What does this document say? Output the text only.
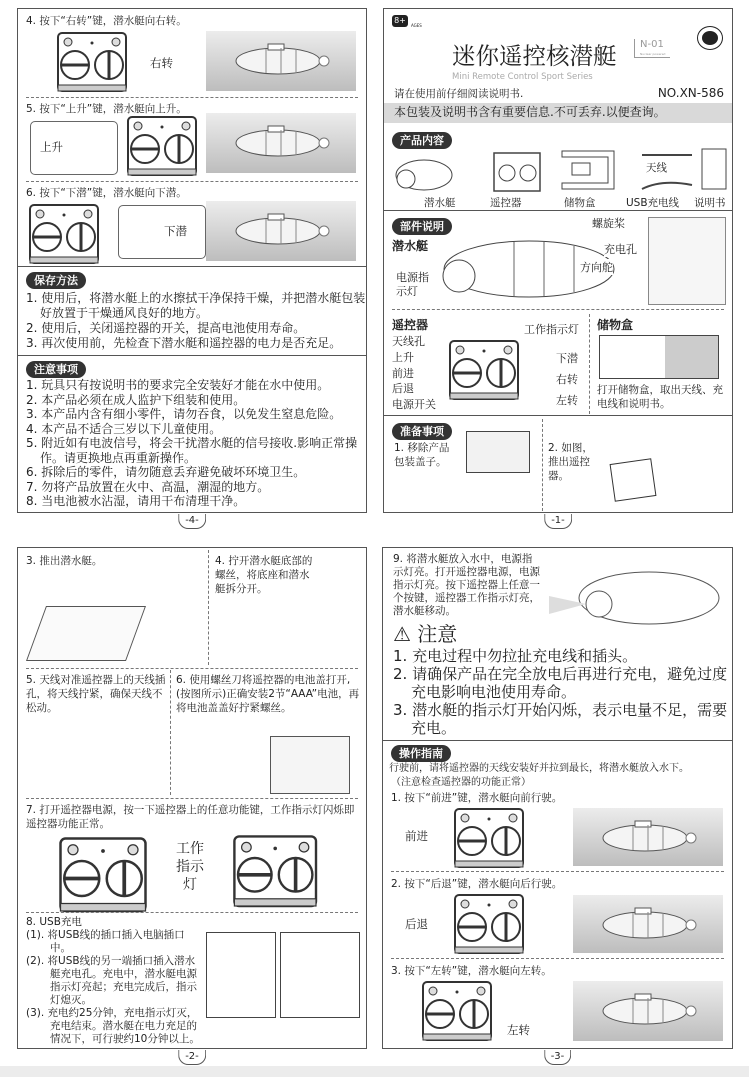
4. 按下“右转”键，潜水艇向右转。
右转
5. 按下“上升”键，潜水艇向上升。
上升
6. 按下“下潜”键，潜水艇向下潜。
下潜
保存方法
1. 使用后，将潜水艇上的水擦拭干净保持干燥，并把潜水艇包装好放置于干燥通风良好的地方。
2. 使用后，关闭遥控器的开关，提高电池使用寿命。
3. 再次使用前，先检查下潜水艇和遥控器的电力是否充足。
注意事项
1. 玩具只有按说明书的要求完全安装好才能在水中使用。
2. 本产品必须在成人监护下组装和使用。
3. 本产品内含有细小零件，请勿吞食，以免发生窒息危险。
4. 本产品不适合三岁以下儿童使用。
5. 附近如有电波信号，将会干扰潜水艇的信号接收.影响正常操作。请更换地点再重新操作。
6. 拆除后的零件，请勿随意丢弃避免破坏环境卫生。
7. 勿将产品放置在火中、高温，潮湿的地方。
8. 当电池被水沾湿，请用干布清理干净。
-4-
8+
AGES
迷你遥控核潜艇 N-01
Nuclear powered
Mini Remote Control Sport Series
请在使用前仔细阅读说明书.	NO.XN-586
本包装及说明书含有重要信息.不可丢弃.以便查询。
产品内容
潜水艇	遥控器	储物盒	USB充电线 说明书
天线
部件说明
潜水艇
螺旋桨
充电孔
方向舵
电源指示灯
遥控器
天线孔
上升
前进
后退
电源开关
工作指示灯
下潜
右转
左转
储物盒
打开储物盒，取出天线、充电线和说明书。
准备事项
1. 移除产品包装盖子。
2. 如图，推出遥控器。
-1-
3. 推出潜水艇。	4. 拧开潜水艇底部的螺丝，将底座和潜水艇拆分开。
5. 天线对准遥控器上的天线插孔，将天线拧紧，确保天线不松动。
6. 使用螺丝刀将遥控器的电池盖打开,(按图所示)正确安装2节“AAA”电池，再将电池盖盖好拧紧螺丝。
7. 打开遥控器电源，按一下遥控器上的任意功能键，工作指示灯闪烁即遥控器功能正常。
工作指示灯
8. USB充电
(1). 将USB线的插口插入电脑插口中。
(2). 将USB线的另一端插口插入潜水艇充电孔。充电中，潜水艇电源指示灯亮起；充电完成后，指示灯熄灭。
(3). 充电约25分钟，充电指示灯灭，充电结束。潜水艇在电力充足的情况下，可行驶约10分钟以上。
-2-
9. 将潜水艇放入水中，电源指示灯亮。打开遥控器电源，电源指示灯亮。按下遥控器上任意一个按键，遥控器工作指示灯亮，潜水艇移动。
⚠ 注意
1. 充电过程中勿拉扯充电线和插头。
2. 请确保产品在完全放电后再进行充电，避免过度充电影响电池使用寿命。
3. 潜水艇的指示灯开始闪烁，表示电量不足，需要充电。
操作指南
行驶前，请将遥控器的天线安装好并拉到最长，将潜水艇放入水下。
（注意检查遥控器的功能正常）
1. 按下“前进”键，潜水艇向前行驶。
前进
2. 按下“后退”键，潜水艇向后行驶。
后退
3. 按下“左转”键，潜水艇向左转。
左转
-3-
